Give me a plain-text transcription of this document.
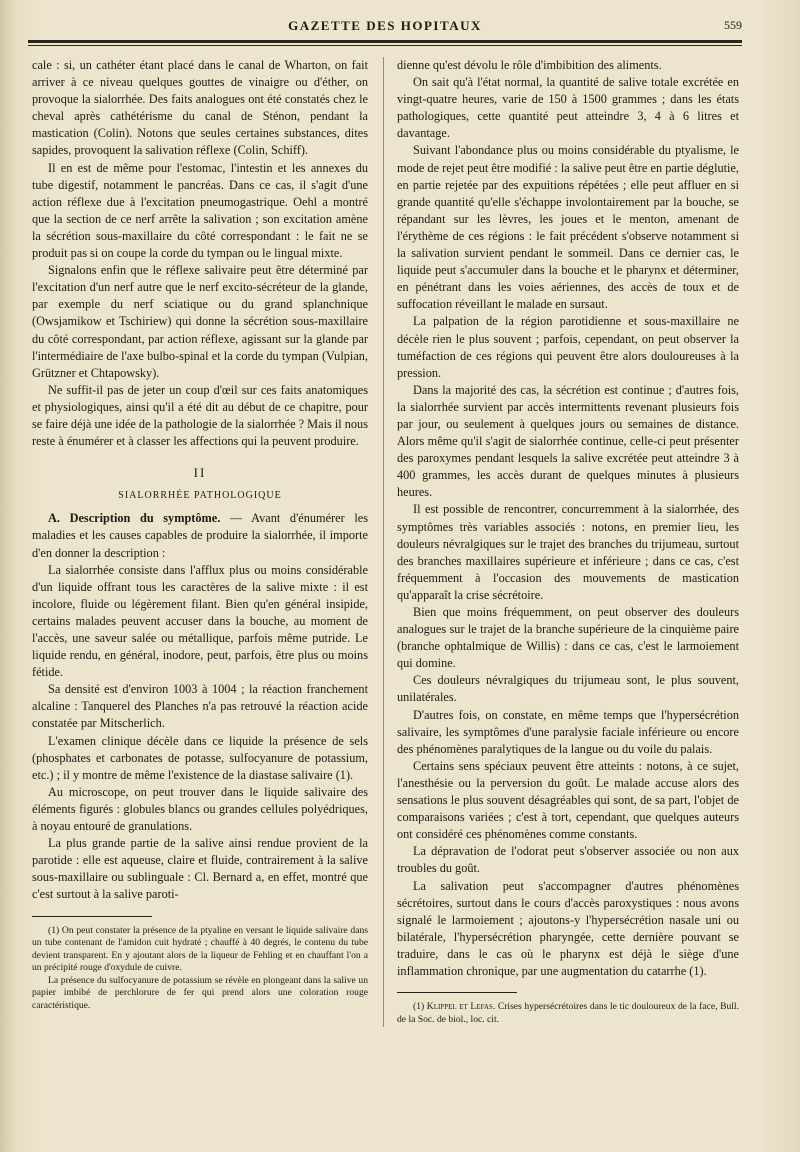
GAZETTE DES HOPITAUX	559

cale : si, un cathéter étant placé dans le canal de Wharton, on fait arriver à ce niveau quelques gouttes de vinaigre ou d'éther, on provoque la sialorrhée. Des faits analogues ont été constatés chez le cheval après cathétérisme du canal de Sténon, pendant la mastication (Colin). Notons que seules certaines substances, dites sapides, provoquent la salivation réflexe (Colin, Schiff).

Il en est de même pour l'estomac, l'intestin et les annexes du tube digestif, notamment le pancréas. Dans ce cas, il s'agit d'une action réflexe due à l'excitation pneumogastrique. Oehl a montré que la section de ce nerf arrête la salivation ; son excitation amène la sécrétion sous-maxillaire du côté correspondant : le fait ne se produit pas si on coupe la corde du tympan ou le lingual mixte.

Signalons enfin que le réflexe salivaire peut être déterminé par l'excitation d'un nerf autre que le nerf excito-sécréteur de la glande, par exemple du nerf sciatique ou du grand splanchnique (Owsjamikow et Tschiriew) qui donne la sécrétion sous-maxillaire du côté correspondant, par action réflexe, agissant sur la glande par l'intermédiaire de l'axe bulbo-spinal et la corde du tympan (Vulpian, Grützner et Chtapowsky).

Ne suffit-il pas de jeter un coup d'œil sur ces faits anatomiques et physiologiques, ainsi qu'il a été dit au début de ce chapitre, pour se faire déjà une idée de la pathologie de la sialorrhée ? Mais il nous reste à énumérer et à classer les affections qui la peuvent produire.

II
SIALORRHÉE PATHOLOGIQUE

A. Description du symptôme. — Avant d'énumérer les maladies et les causes capables de produire la sialorrhée, il importe d'en donner la description :

La sialorrhée consiste dans l'afflux plus ou moins considérable d'un liquide offrant tous les caractères de la salive mixte : il est incolore, fluide ou légèrement filant. Bien qu'en général insipide, certains malades peuvent accuser dans la bouche, au moment de l'accès, une saveur salée ou métallique, parfois même putride. Le liquide rendu, en général, inodore, peut, parfois, être plus ou moins fétide.

Sa densité est d'environ 1003 à 1004 ; la réaction franchement alcaline : Tanquerel des Planches n'a pas retrouvé la réaction acide constatée par Mitscherlich.

L'examen clinique décèle dans ce liquide la présence de sels (phosphates et carbonates de potasse, sulfocyanure de potassium, etc.) ; il y montre de même l'existence de la diastase salivaire (1).

Au microscope, on peut trouver dans le liquide salivaire des éléments figurés : globules blancs ou grandes cellules polyédriques, à noyau entouré de granulations.

La plus grande partie de la salive ainsi rendue provient de la parotide : elle est aqueuse, claire et fluide, contrairement à la salive sous-maxillaire ou sublinguale : Cl. Bernard a, en effet, montré que c'est surtout à la salive paroti-

(1) On peut constater la présence de la ptyaline en versant le liquide salivaire dans un tube contenant de l'amidon cuit hydraté ; chauffé à 40 degrés, le contenu du tube devient transparent. En y ajoutant alors de la liqueur de Fehling et en chauffant l'on a un précipité rouge d'oxydule de cuivre.

La présence du sulfocyanure de potassium se révèle en plongeant dans la salive un papier imbibé de perchlorure de fer qui prend alors une coloration rouge caractéristique.

dienne qu'est dévolu le rôle d'imbibition des aliments.

On sait qu'à l'état normal, la quantité de salive totale excrétée en vingt-quatre heures, varie de 150 à 1500 grammes ; dans les états pathologiques, cette quantité peut atteindre 3, 4 à 6 litres et davantage.

Suivant l'abondance plus ou moins considérable du ptyalisme, le mode de rejet peut être modifié : la salive peut être en partie déglutie, en partie rejetée par des expuitions répétées ; elle peut affluer en si grande quantité qu'elle s'échappe involontairement par la bouche, se répandant sur les lèvres, les joues et le menton, amenant de l'érythème de ces régions : le fait précédent s'observe notamment si la salivation survient pendant le sommeil. Dans ce dernier cas, le liquide peut s'accumuler dans la bouche et le pharynx et déterminer, en pénétrant dans les voies aériennes, des accès de toux et de suffocation réveillant le malade en sursaut.

La palpation de la région parotidienne et sous-maxillaire ne décèle rien le plus souvent ; parfois, cependant, on peut observer la tuméfaction de ces régions qui peuvent être alors douloureuses à la pression.

Dans la majorité des cas, la sécrétion est continue ; d'autres fois, la sialorrhée survient par accès intermittents revenant plusieurs fois par jour, ou seulement à quelques jours ou semaines de distance. Alors même qu'il s'agit de sialorrhée continue, celle-ci peut présenter des paroxymes pendant lesquels la salive excrétée peut atteindre 3 à 400 grammes, les accès durant de quelques minutes à plusieurs heures.

Il est possible de rencontrer, concurremment à la sialorrhée, des symptômes très variables associés : notons, en premier lieu, les douleurs névralgiques sur le trajet des branches du trijumeau, surtout des branches maxillaires supérieure et inférieure ; dans ce cas, c'est fréquemment à l'occasion des mouvements de mastication qu'apparaît la crise sécrétoire.

Bien que moins fréquemment, on peut observer des douleurs analogues sur le trajet de la branche supérieure de la cinquième paire (branche ophtalmique de Willis) : dans ce cas, c'est le larmoiement qui domine.

Ces douleurs névralgiques du trijumeau sont, le plus souvent, unilatérales.

D'autres fois, on constate, en même temps que l'hypersécrétion salivaire, les symptômes d'une paralysie faciale inférieure ou encore des phénomènes paralytiques de la langue ou du voile du palais.

Certains sens spéciaux peuvent être atteints : notons, à ce sujet, l'anesthésie ou la perversion du goût. Le malade accuse alors des sensations le plus souvent désagréables qui sont, de sa part, l'objet de comparaisons variées ; c'est à tort, cependant, que quelques auteurs ont considéré ces phénomènes comme constants.

La dépravation de l'odorat peut s'observer associée ou non aux troubles du goût.

La salivation peut s'accompagner d'autres phénomènes sécrétoires, surtout dans le cours d'accès paroxystiques : nous avons signalé le larmoiement ; ajoutons-y l'hypersécrétion nasale uni ou bilatérale, l'hypersécrétion pharyngée, cette dernière pouvant se traduire, dans le cas où le pharynx est déjà le siège d'une inflammation chronique, par une augmentation du catarrhe (1).

(1) Klippel et Lefas. Crises hypersécrétoires dans le tic douloureux de la face, Bull. de la Soc. de biol., loc. cit.
